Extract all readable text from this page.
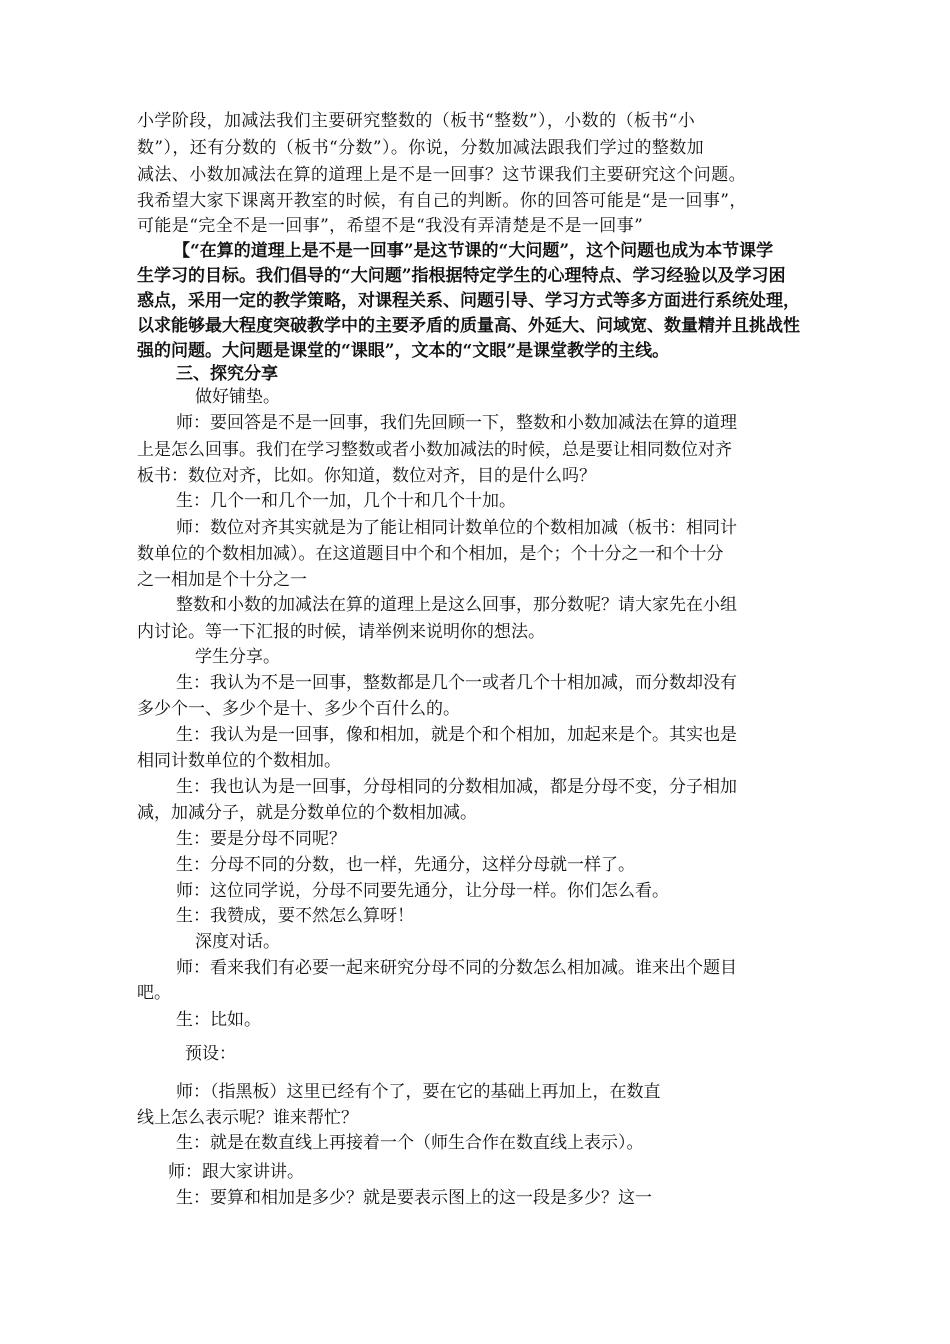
小学阶段，加减法我们主要研究整数的（板书“整数”），小数的（板书“小
数”），还有分数的（板书“分数”）。你说，分数加减法跟我们学过的整数加
减法、小数加减法在算的道理上是不是一回事？这节课我们主要研究这个问题。
我希望大家下课离开教室的时候，有自己的判断。你的回答可能是“是一回事”，
可能是“完全不是一回事”，希望不是“我没有弄清楚是不是一回事”
【“在算的道理上是不是一回事”是这节课的“大问题”，这个问题也成为本节课学
生学习的目标。我们倡导的“大问题”指根据特定学生的心理特点、学习经验以及学习困
惑点，采用一定的教学策略，对课程关系、问题引导、学习方式等多方面进行系统处理，
以求能够最大程度突破教学中的主要矛盾的质量高、外延大、问域宽、数量精并且挑战性
强的问题。大问题是课堂的“课眼”，文本的“文眼”是课堂教学的主线。
三、探究分享
做好铺垫。
师：要回答是不是一回事，我们先回顾一下，整数和小数加减法在算的道理
上是怎么回事。我们在学习整数或者小数加减法的时候，总是要让相同数位对齐
板书：数位对齐，比如。你知道，数位对齐，目的是什么吗？
生：几个一和几个一加，几个十和几个十加。
师：数位对齐其实就是为了能让相同计数单位的个数相加减（板书：相同计
数单位的个数相加减）。在这道题目中个和个相加，是个；个十分之一和个十分
之一相加是个十分之一
整数和小数的加减法在算的道理上是这么回事，那分数呢？请大家先在小组
内讨论。等一下汇报的时候，请举例来说明你的想法。
学生分享。
生：我认为不是一回事，整数都是几个一或者几个十相加减，而分数却没有
多少个一、多少个是十、多少个百什么的。
生：我认为是一回事，像和相加，就是个和个相加，加起来是个。其实也是
相同计数单位的个数相加。
生：我也认为是一回事，分母相同的分数相加减，都是分母不变，分子相加
减，加减分子，就是分数单位的个数相加减。
生：要是分母不同呢？
生：分母不同的分数，也一样，先通分，这样分母就一样了。
师：这位同学说，分母不同要先通分，让分母一样。你们怎么看。
生：我赞成，要不然怎么算呀！
深度对话。
师：看来我们有必要一起来研究分母不同的分数怎么相加减。谁来出个题目
吧。
生：比如。
预设：
师：（指黑板）这里已经有个了，要在它的基础上再加上，在数直
线上怎么表示呢？谁来帮忙？
生：就是在数直线上再接着一个（师生合作在数直线上表示）。
师：跟大家讲讲。
生：要算和相加是多少？就是要表示图上的这一段是多少？这一
